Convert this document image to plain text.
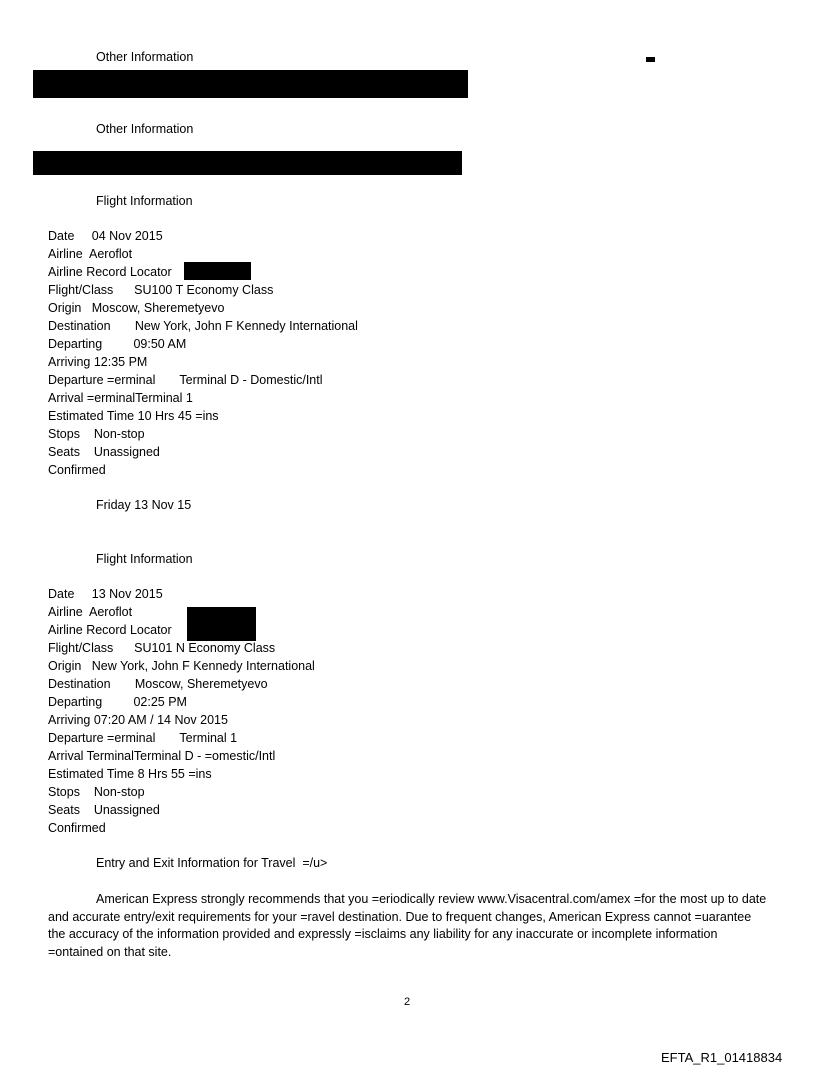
Other Information
Other Information
Flight Information
Date     04 Nov 2015
Airline  Aeroflot
Airline Record Locator
Flight/Class      SU100 T Economy Class
Origin   Moscow, Sheremetyevo
Destination       New York, John F Kennedy International
Departing         09:50 AM
Arriving 12:35 PM
Departure =erminal       Terminal D - Domestic/Intl
Arrival =erminalTerminal 1
Estimated Time 10 Hrs 45 =ins
Stops    Non-stop
Seats    Unassigned
Confirmed
Friday 13 Nov 15
Flight Information
Date     13 Nov 2015
Airline  Aeroflot
Airline Record Locator
Flight/Class      SU101 N Economy Class
Origin   New York, John F Kennedy International
Destination       Moscow, Sheremetyevo
Departing         02:25 PM
Arriving 07:20 AM / 14 Nov 2015
Departure =erminal       Terminal 1
Arrival TerminalTerminal D - =omestic/Intl
Estimated Time 8 Hrs 55 =ins
Stops    Non-stop
Seats    Unassigned
Confirmed
Entry and Exit Information for Travel  =/u>
American Express strongly recommends that you =eriodically review www.Visacentral.com/amex =for the most up to date and accurate entry/exit requirements for your =ravel destination. Due to frequent changes, American Express cannot =uarantee the accuracy of the information provided and expressly =isclaims any liability for any inaccurate or incomplete information =ontained on that site.
2
EFTA_R1_01418834
